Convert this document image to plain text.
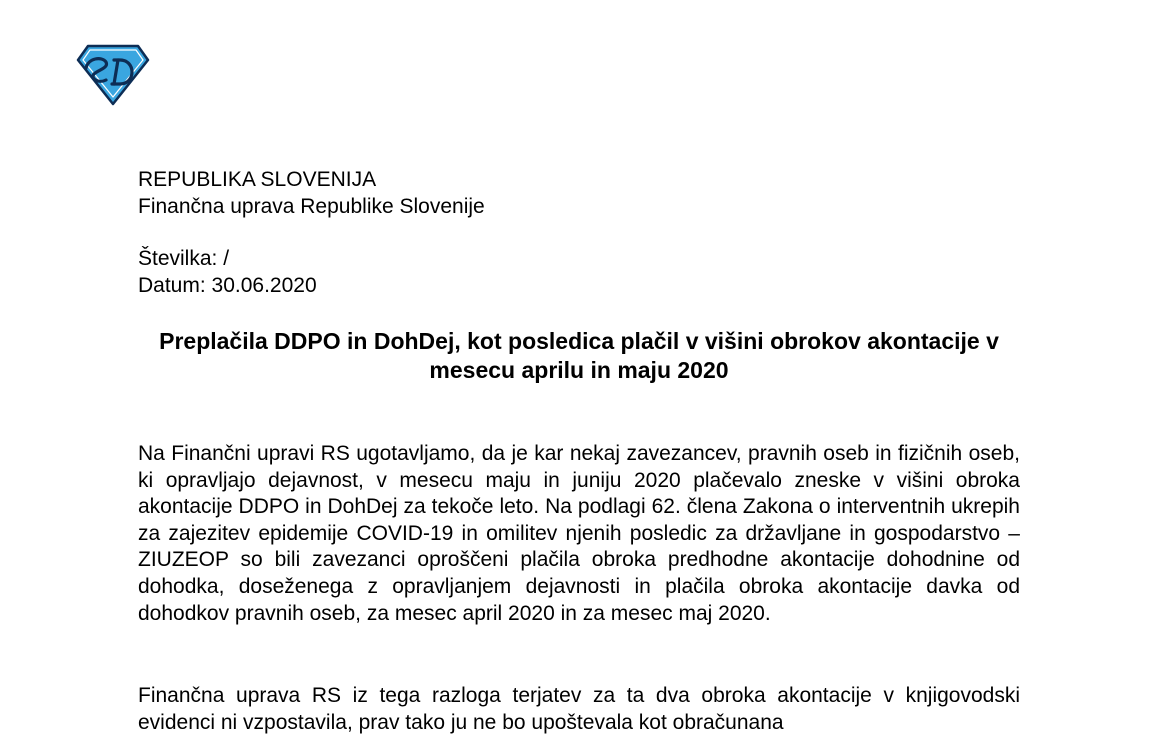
REPUBLIKA SLOVENIJA
Finančna uprava Republike Slovenije
Številka: /
Datum: 30.06.2020
Preplačila DDPO in DohDej, kot posledica plačil v višini obrokov akontacije v mesecu aprilu in maju 2020

Na Finančni upravi RS ugotavljamo, da je kar nekaj zavezancev, pravnih oseb in fizičnih oseb, ki opravljajo dejavnost, v mesecu maju in juniju 2020 plačevalo zneske v višini obroka akontacije DDPO in DohDej za tekoče leto. Na podlagi 62. člena Zakona o interventnih ukrepih za zajezitev epidemije COVID-19 in omilitev njenih posledic za državljane in gospodarstvo – ZIUZEOP so bili zavezanci oproščeni plačila obroka predhodne akontacije dohodnine od dohodka, doseženega z opravljanjem dejavnosti in plačila obroka akontacije davka od dohodkov pravnih oseb, za mesec april 2020 in za mesec maj 2020.

Finančna uprava RS iz tega razloga terjatev za ta dva obroka akontacije v knjigovodski evidenci ni vzpostavila, prav tako ju ne bo upoštevala kot obračunana
